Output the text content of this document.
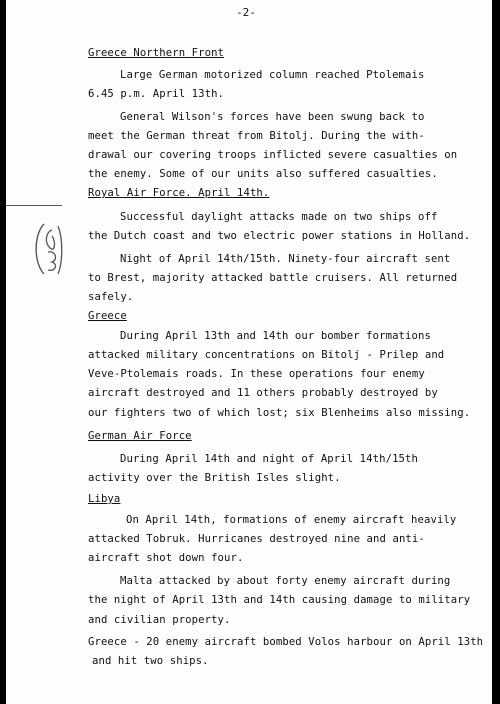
-2-
Greece Northern Front
Large German motorized column reached Ptolemais
6.45 p.m. April 13th.
General Wilson's forces have been swung back to
meet the German threat from Bitolj. During the with-
drawal our covering troops inflicted severe casualties on
the enemy. Some of our units also suffered casualties.
Royal Air Force. April 14th.
Successful daylight attacks made on two ships off
the Dutch coast and two electric power stations in Holland.
Night of April 14th/15th. Ninety-four aircraft sent
to Brest, majority attacked battle cruisers. All returned
safely.
Greece
During April 13th and 14th our bomber formations
attacked military concentrations on Bitolj - Prilep and
Veve-Ptolemais roads. In these operations four enemy
aircraft destroyed and 11 others probably destroyed by
our fighters two of which lost; six Blenheims also missing.
German Air Force
During April 14th and night of April 14th/15th
activity over the British Isles slight.
Libya
On April 14th, formations of enemy aircraft heavily
attacked Tobruk. Hurricanes destroyed nine and anti-
aircraft shot down four.
Malta attacked by about forty enemy aircraft during
the night of April 13th and 14th causing damage to military
and civilian property.
Greece - 20 enemy aircraft bombed Volos harbour on April 13th
and hit two ships.
